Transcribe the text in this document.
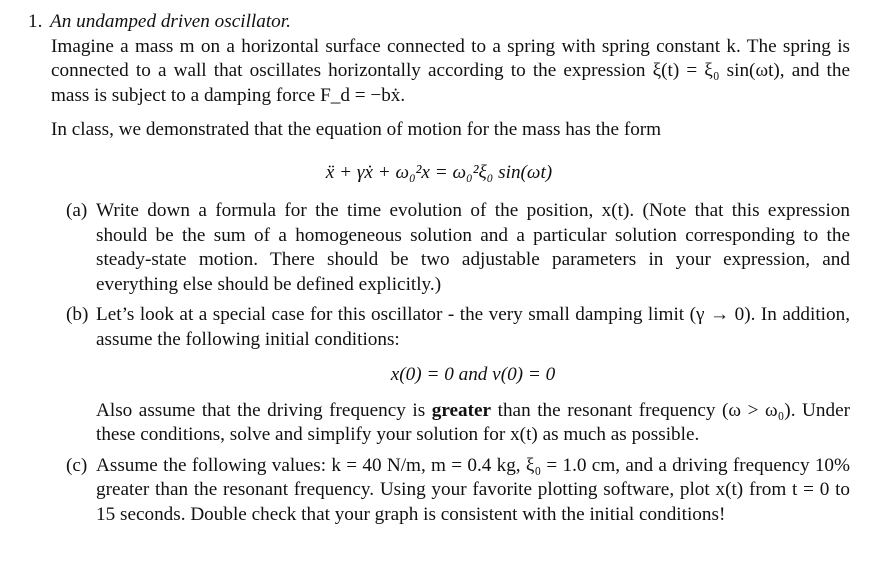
1. An undamped driven oscillator.
Imagine a mass m on a horizontal surface connected to a spring with spring constant k. The spring is connected to a wall that oscillates horizontally according to the expression ξ(t) = ξ₀ sin(ωt), and the mass is subject to a damping force F_d = −bẋ.
In class, we demonstrated that the equation of motion for the mass has the form
ẍ + γẋ + ω₀²x = ω₀²ξ₀ sin(ωt)
(a) Write down a formula for the time evolution of the position, x(t). (Note that this expression should be the sum of a homogeneous solution and a particular solution corresponding to the steady-state motion. There should be two adjustable parameters in your expression, and everything else should be defined explicitly.)
(b) Let’s look at a special case for this oscillator - the very small damping limit (γ → 0). In addition, assume the following initial conditions:
x(0) = 0 and v(0) = 0
Also assume that the driving frequency is greater than the resonant frequency (ω > ω₀). Under these conditions, solve and simplify your solution for x(t) as much as possible.
(c) Assume the following values: k = 40 N/m, m = 0.4 kg, ξ₀ = 1.0 cm, and a driving frequency 10% greater than the resonant frequency. Using your favorite plotting software, plot x(t) from t = 0 to 15 seconds. Double check that your graph is consistent with the initial conditions!
